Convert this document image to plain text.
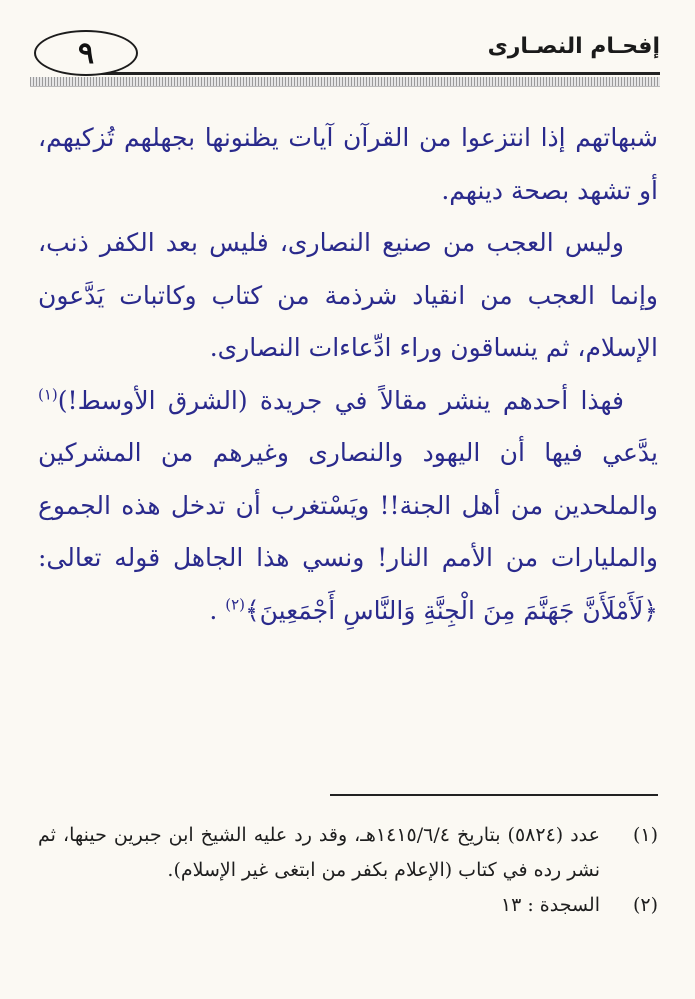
٩	إفحـام النصـارى

شبهاتهم إذا انتزعوا من القرآن آيات يظنونها بجهلهم تُزكيهم، أو تشهد بصحة دينهم.

وليس العجب من صنيع النصارى، فليس بعد الكفر ذنب، وإنما العجب من انقياد شرذمة من كتاب وكاتبات يَدَّعون الإسلام، ثم ينساقون وراء ادِّعاءات النصارى.

فهذا أحدهم ينشر مقالاً في جريدة (الشرق الأوسط!)$^{(١)}$ يدَّعي فيها أن اليهود والنصارى وغيرهم من المشركين والملحدين من أهل الجنة!! ويَسْتغرب أن تدخل هذه الجموع والمليارات من الأمم النار! ونسي هذا الجاهل قوله تعالى: ﴿لَأَمْلَأَنَّ جَهَنَّمَ مِنَ الْجِنَّةِ وَالنَّاسِ أَجْمَعِينَ﴾$^{(٢)}$ .

(١)
عدد (٥٨٢٤) بتاريخ ١٤١٥/٦/٤هـ، وقد رد عليه الشيخ ابن جبرين حينها، ثم نشر رده في كتاب (الإعلام بكفر من ابتغى غير الإسلام).
(٢)
السجدة : ١٣
